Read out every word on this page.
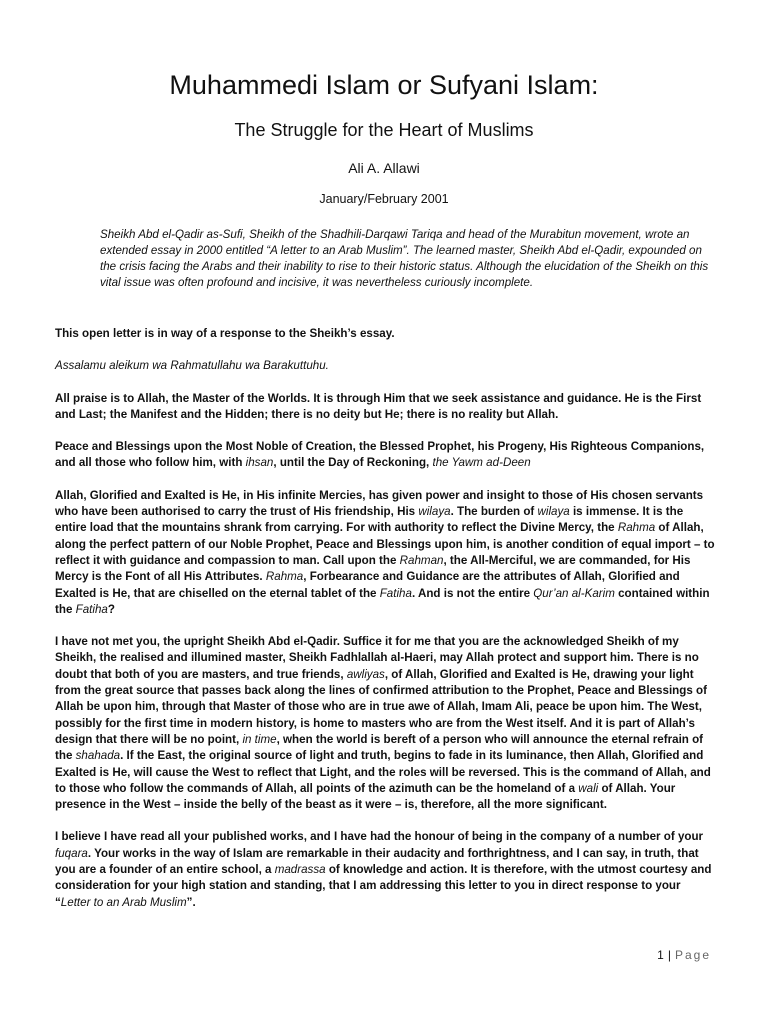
Muhammedi Islam or Sufyani Islam:
The Struggle for the Heart of Muslims
Ali A. Allawi
January/February 2001

Sheikh Abd el-Qadir as-Sufi, Sheikh of the Shadhili-Darqawi Tariqa and head of the Murabitun movement, wrote an extended essay in 2000 entitled “A letter to an Arab Muslim”. The learned master, Sheikh Abd el-Qadir, expounded on the crisis facing the Arabs and their inability to rise to their historic status. Although the elucidation of the Sheikh on this vital issue was often profound and incisive, it was nevertheless curiously incomplete.

This open letter is in way of a response to the Sheikh’s essay.

Assalamu aleikum wa Rahmatullahu wa Barakuttuhu.

All praise is to Allah, the Master of the Worlds. It is through Him that we seek assistance and guidance. He is the First and Last; the Manifest and the Hidden; there is no deity but He; there is no reality but Allah.

Peace and Blessings upon the Most Noble of Creation, the Blessed Prophet, his Progeny, His Righteous Companions, and all those who follow him, with ihsan, until the Day of Reckoning, the Yawm ad-Deen

Allah, Glorified and Exalted is He, in His infinite Mercies, has given power and insight to those of His chosen servants who have been authorised to carry the trust of His friendship, His wilaya. The burden of wilaya is immense. It is the entire load that the mountains shrank from carrying. For with authority to reflect the Divine Mercy, the Rahma of Allah, along the perfect pattern of our Noble Prophet, Peace and Blessings upon him, is another condition of equal import – to reflect it with guidance and compassion to man. Call upon the Rahman, the All-Merciful, we are commanded, for His Mercy is the Font of all His Attributes. Rahma, Forbearance and Guidance are the attributes of Allah, Glorified and Exalted is He, that are chiselled on the eternal tablet of the Fatiha. And is not the entire Qur’an al-Karim contained within the Fatiha?

I have not met you, the upright Sheikh Abd el-Qadir. Suffice it for me that you are the acknowledged Sheikh of my Sheikh, the realised and illumined master, Sheikh Fadhlallah al-Haeri, may Allah protect and support him. There is no doubt that both of you are masters, and true friends, awliyas, of Allah, Glorified and Exalted is He, drawing your light from the great source that passes back along the lines of confirmed attribution to the Prophet, Peace and Blessings of Allah be upon him, through that Master of those who are in true awe of Allah, Imam Ali, peace be upon him. The West, possibly for the first time in modern history, is home to masters who are from the West itself. And it is part of Allah’s design that there will be no point, in time, when the world is bereft of a person who will announce the eternal refrain of the shahada. If the East, the original source of light and truth, begins to fade in its luminance, then Allah, Glorified and Exalted is He, will cause the West to reflect that Light, and the roles will be reversed. This is the command of Allah, and to those who follow the commands of Allah, all points of the azimuth can be the homeland of a wali of Allah. Your presence in the West – inside the belly of the beast as it were – is, therefore, all the more significant.

I believe I have read all your published works, and I have had the honour of being in the company of a number of your fuqara. Your works in the way of Islam are remarkable in their audacity and forthrightness, and I can say, in truth, that you are a founder of an entire school, a madrassa of knowledge and action. It is therefore, with the utmost courtesy and consideration for your high station and standing, that I am addressing this letter to you in direct response to your “Letter to an Arab Muslim”.

1 | Page
